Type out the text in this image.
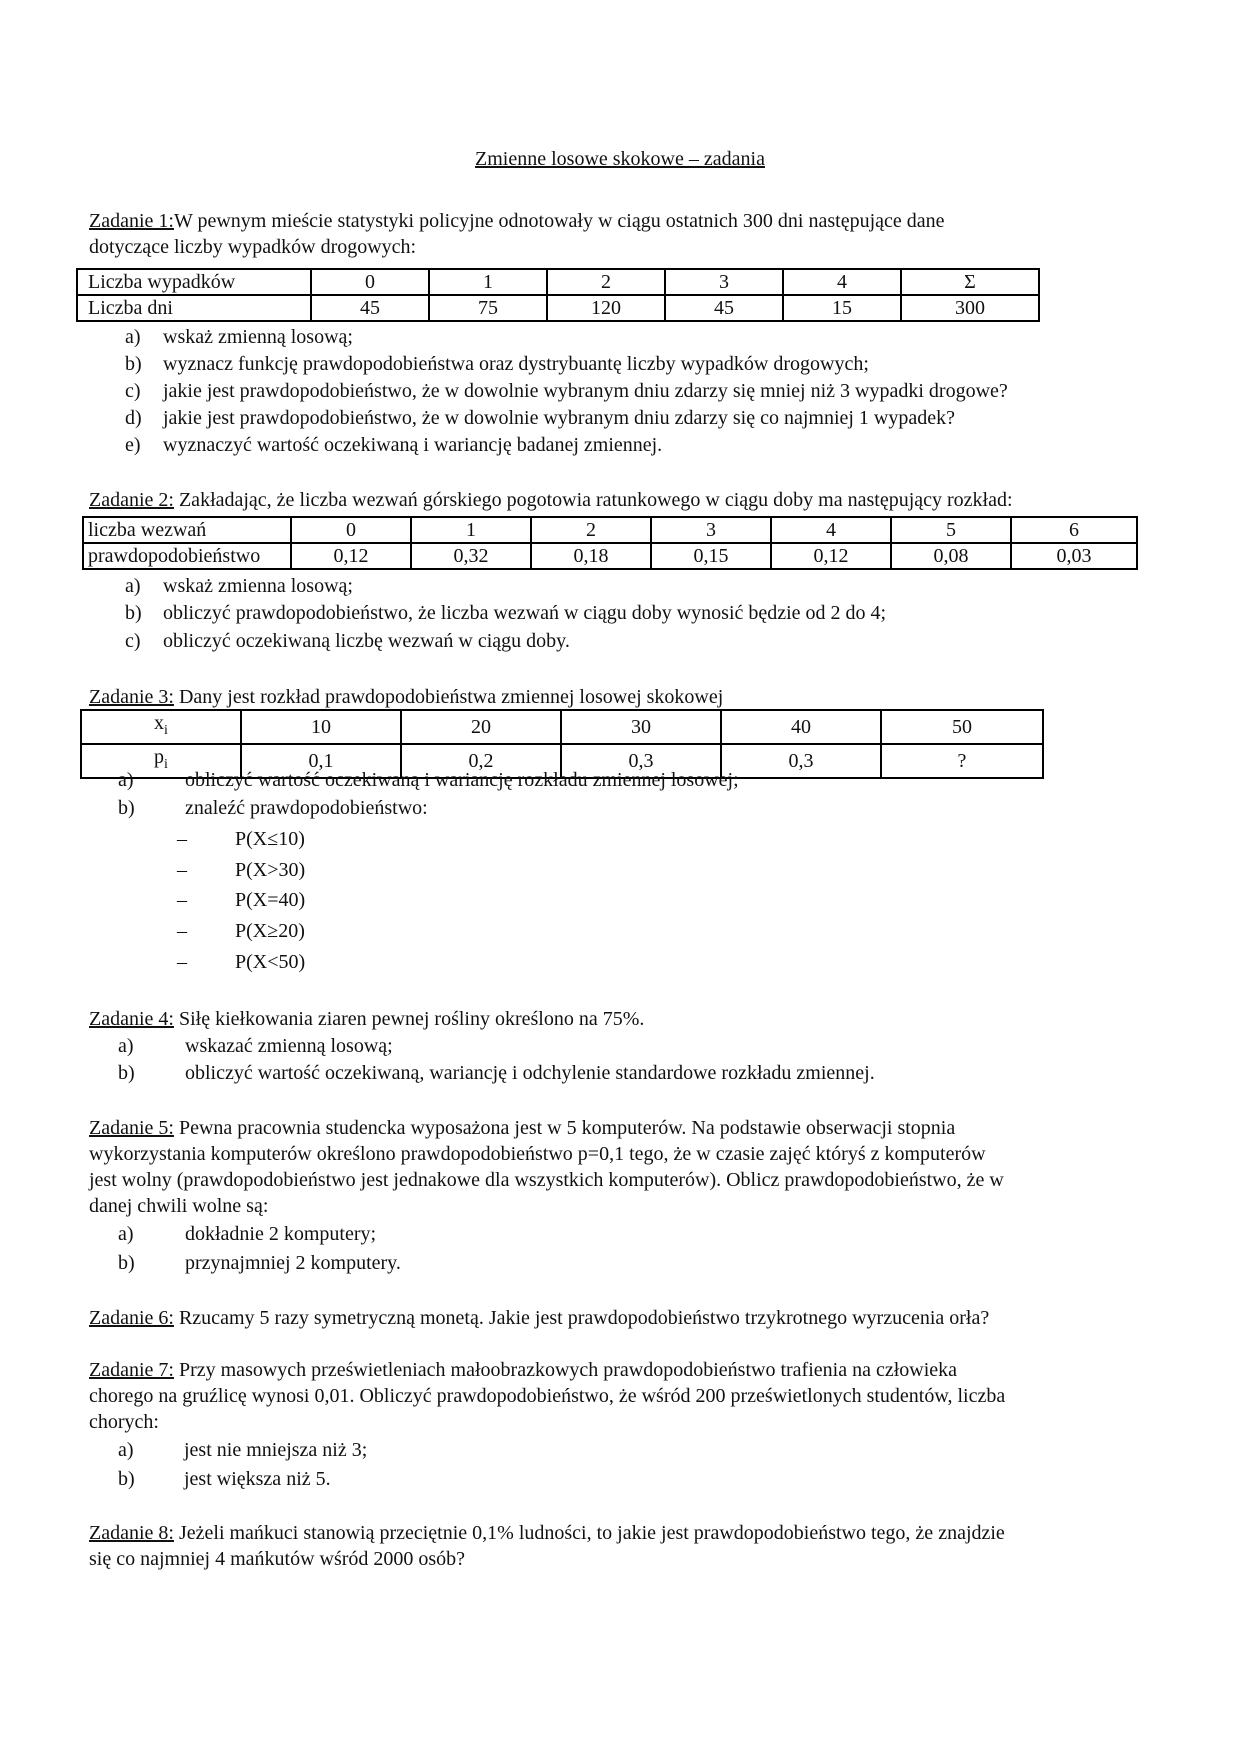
Zmienne losowe skokowe – zadania
Zadanie 1:W pewnym mieście statystyki policyjne odnotowały w ciągu ostatnich 300 dni następujące dane
dotyczące liczby wypadków drogowych:
Liczba wypadków	0	1	2	3	4	Σ
Liczba dni	45	75	120	45	15	300
a) wskaż zmienną losową;
b) wyznacz funkcję prawdopodobieństwa oraz dystrybuantę liczby wypadków drogowych;
c) jakie jest prawdopodobieństwo, że w dowolnie wybranym dniu zdarzy się mniej niż 3 wypadki drogowe?
d) jakie jest prawdopodobieństwo, że w dowolnie wybranym dniu zdarzy się co najmniej 1 wypadek?
e) wyznaczyć wartość oczekiwaną i wariancję badanej zmiennej.
Zadanie 2: Zakładając, że liczba wezwań górskiego pogotowia ratunkowego w ciągu doby ma następujący rozkład:
liczba wezwań	0	1	2	3	4	5	6
prawdopodobieństwo	0,12	0,32	0,18	0,15	0,12	0,08	0,03
a) wskaż zmienna losową;
b) obliczyć prawdopodobieństwo, że liczba wezwań w ciągu doby wynosić będzie od 2 do 4;
c) obliczyć oczekiwaną liczbę wezwań w ciągu doby.
Zadanie 3: Dany jest rozkład prawdopodobieństwa zmiennej losowej skokowej
$x_i$	10	20	30	40	50
$p_i$	0,1	0,2	0,3	0,3	?
a)	obliczyć wartość oczekiwaną i wariancję rozkładu zmiennej losowej;
b)	znaleźć prawdopodobieństwo:
– P(X≤10)
– P(X>30)
– P(X=40)
– P(X≥20)
– P(X<50)
Zadanie 4: Siłę kiełkowania ziaren pewnej rośliny określono na 75%.
a)	wskazać zmienną losową;
b)	obliczyć wartość oczekiwaną, wariancję i odchylenie standardowe rozkładu zmiennej.
Zadanie 5: Pewna pracownia studencka wyposażona jest w 5 komputerów. Na podstawie obserwacji stopnia
wykorzystania komputerów określono prawdopodobieństwo p=0,1 tego, że w czasie zajęć któryś z komputerów
jest wolny (prawdopodobieństwo jest jednakowe dla wszystkich komputerów). Oblicz prawdopodobieństwo, że w
danej chwili wolne są:
a)	dokładnie 2 komputery;
b)	przynajmniej 2 komputery.
Zadanie 6: Rzucamy 5 razy symetryczną monetą. Jakie jest prawdopodobieństwo trzykrotnego wyrzucenia orła?
Zadanie 7: Przy masowych prześwietleniach małoobrazkowych prawdopodobieństwo trafienia na człowieka
chorego na gruźlicę wynosi 0,01. Obliczyć prawdopodobieństwo, że wśród 200 prześwietlonych studentów, liczba
chorych:
a)	jest nie mniejsza niż 3;
b) jest większa niż 5.
Zadanie 8: Jeżeli mańkuci stanowią przeciętnie 0,1% ludności, to jakie jest prawdopodobieństwo tego, że znajdzie
się co najmniej 4 mańkutów wśród 2000 osób?
